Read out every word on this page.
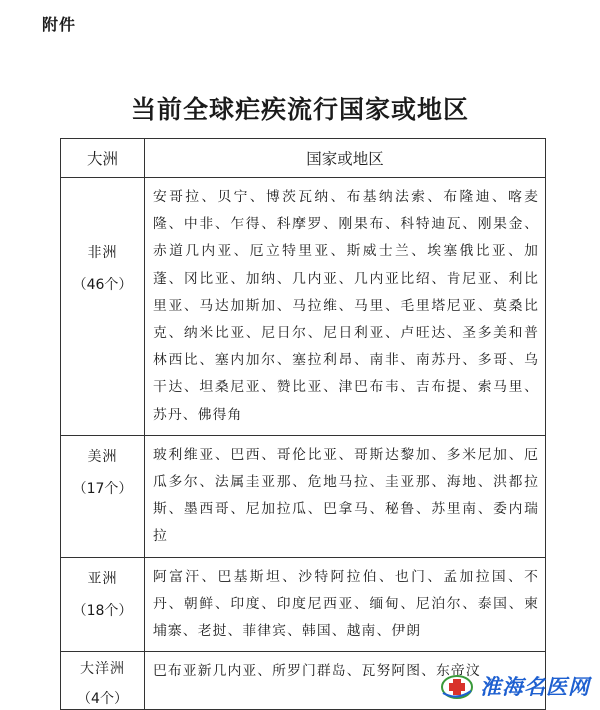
附件
当前全球疟疾流行国家或地区
大洲	国家或地区

非洲
（46个）	安哥拉、贝宁、博茨瓦纳、布基纳法索、布隆迪、喀麦隆、中非、乍得、科摩罗、刚果布、科特迪瓦、刚果金、赤道几内亚、厄立特里亚、斯威士兰、埃塞俄比亚、加蓬、冈比亚、加纳、几内亚、几内亚比绍、肯尼亚、利比里亚、马达加斯加、马拉维、马里、毛里塔尼亚、莫桑比克、纳米比亚、尼日尔、尼日利亚、卢旺达、圣多美和普林西比、塞内加尔、塞拉利昂、南非、南苏丹、多哥、乌干达、坦桑尼亚、赞比亚、津巴布韦、吉布提、索马里、苏丹、佛得角

美洲
（17个）	玻利维亚、巴西、哥伦比亚、哥斯达黎加、多米尼加、厄瓜多尔、法属圭亚那、危地马拉、圭亚那、海地、洪都拉斯、墨西哥、尼加拉瓜、巴拿马、秘鲁、苏里南、委内瑞拉

亚洲
（18个）	阿富汗、巴基斯坦、沙特阿拉伯、也门、孟加拉国、不丹、朝鲜、印度、印度尼西亚、缅甸、尼泊尔、泰国、柬埔寨、老挝、菲律宾、韩国、越南、伊朗

大洋洲
（4个）	巴布亚新几内亚、所罗门群岛、瓦努阿图、东帝汶
淮海名医网
